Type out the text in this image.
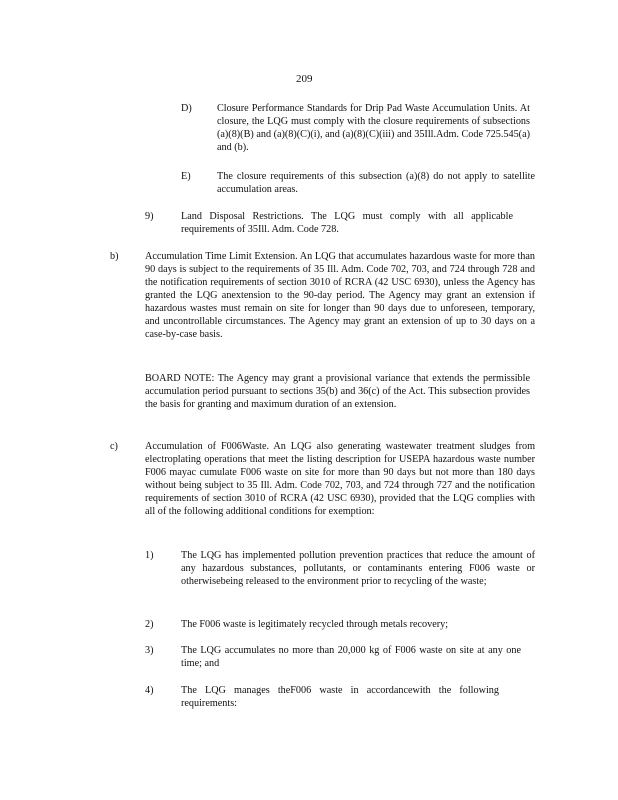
209
D) Closure Performance Standards for Drip Pad Waste Accumulation Units. At closure, the LQG must comply with the closure requirements of subsections (a)(8)(B) and (a)(8)(C)(i), and (a)(8)(C)(iii) and 35Ill.Adm. Code 725.545(a) and (b).
E)	The closure requirements of this subsection (a)(8) do not apply to satellite accumulation areas.
9)	Land Disposal Restrictions. The LQG must comply with all applicable requirements of 35Ill. Adm. Code 728.
b)	Accumulation Time Limit Extension. An LQG that accumulates hazardous waste for more than 90 days is subject to the requirements of 35 Ill. Adm. Code 702, 703, and 724 through 728 and the notification requirements of section 3010 of RCRA (42 USC 6930), unless the Agency has granted the LQG anextension to the 90-day period. The Agency may grant an extension if hazardous wastes must remain on site for longer than 90 days due to unforeseen, temporary, and uncontrollable circumstances. The Agency may grant an extension of up to 30 days on a case-by-case basis.
BOARD NOTE: The Agency may grant a provisional variance that extends the permissible accumulation period pursuant to sections 35(b) and 36(c) of the Act. This subsection provides the basis for granting and maximum duration of an extension.
c)	Accumulation of F006Waste. An LQG also generating wastewater treatment sludges from electroplating operations that meet the listing description for USEPA hazardous waste number F006 mayac cumulate F006 waste on site for more than 90 days but not more than 180 days without being subject to 35 Ill. Adm. Code 702, 703, and 724 through 727 and the notification requirements of section 3010 of RCRA (42 USC 6930), provided that the LQG complies with all of the following additional conditions for exemption:
1)	The LQG has implemented pollution prevention practices that reduce the amount of any hazardous substances, pollutants, or contaminants entering F006 waste or otherwisebeing released to the environment prior to recycling of the waste;
2)	The F006 waste is legitimately recycled through metals recovery;
3)	The LQG accumulates no more than 20,000 kg of F006 waste on site at any one time; and
4)	The LQG manages theF006 waste in accordancewith the following requirements:
